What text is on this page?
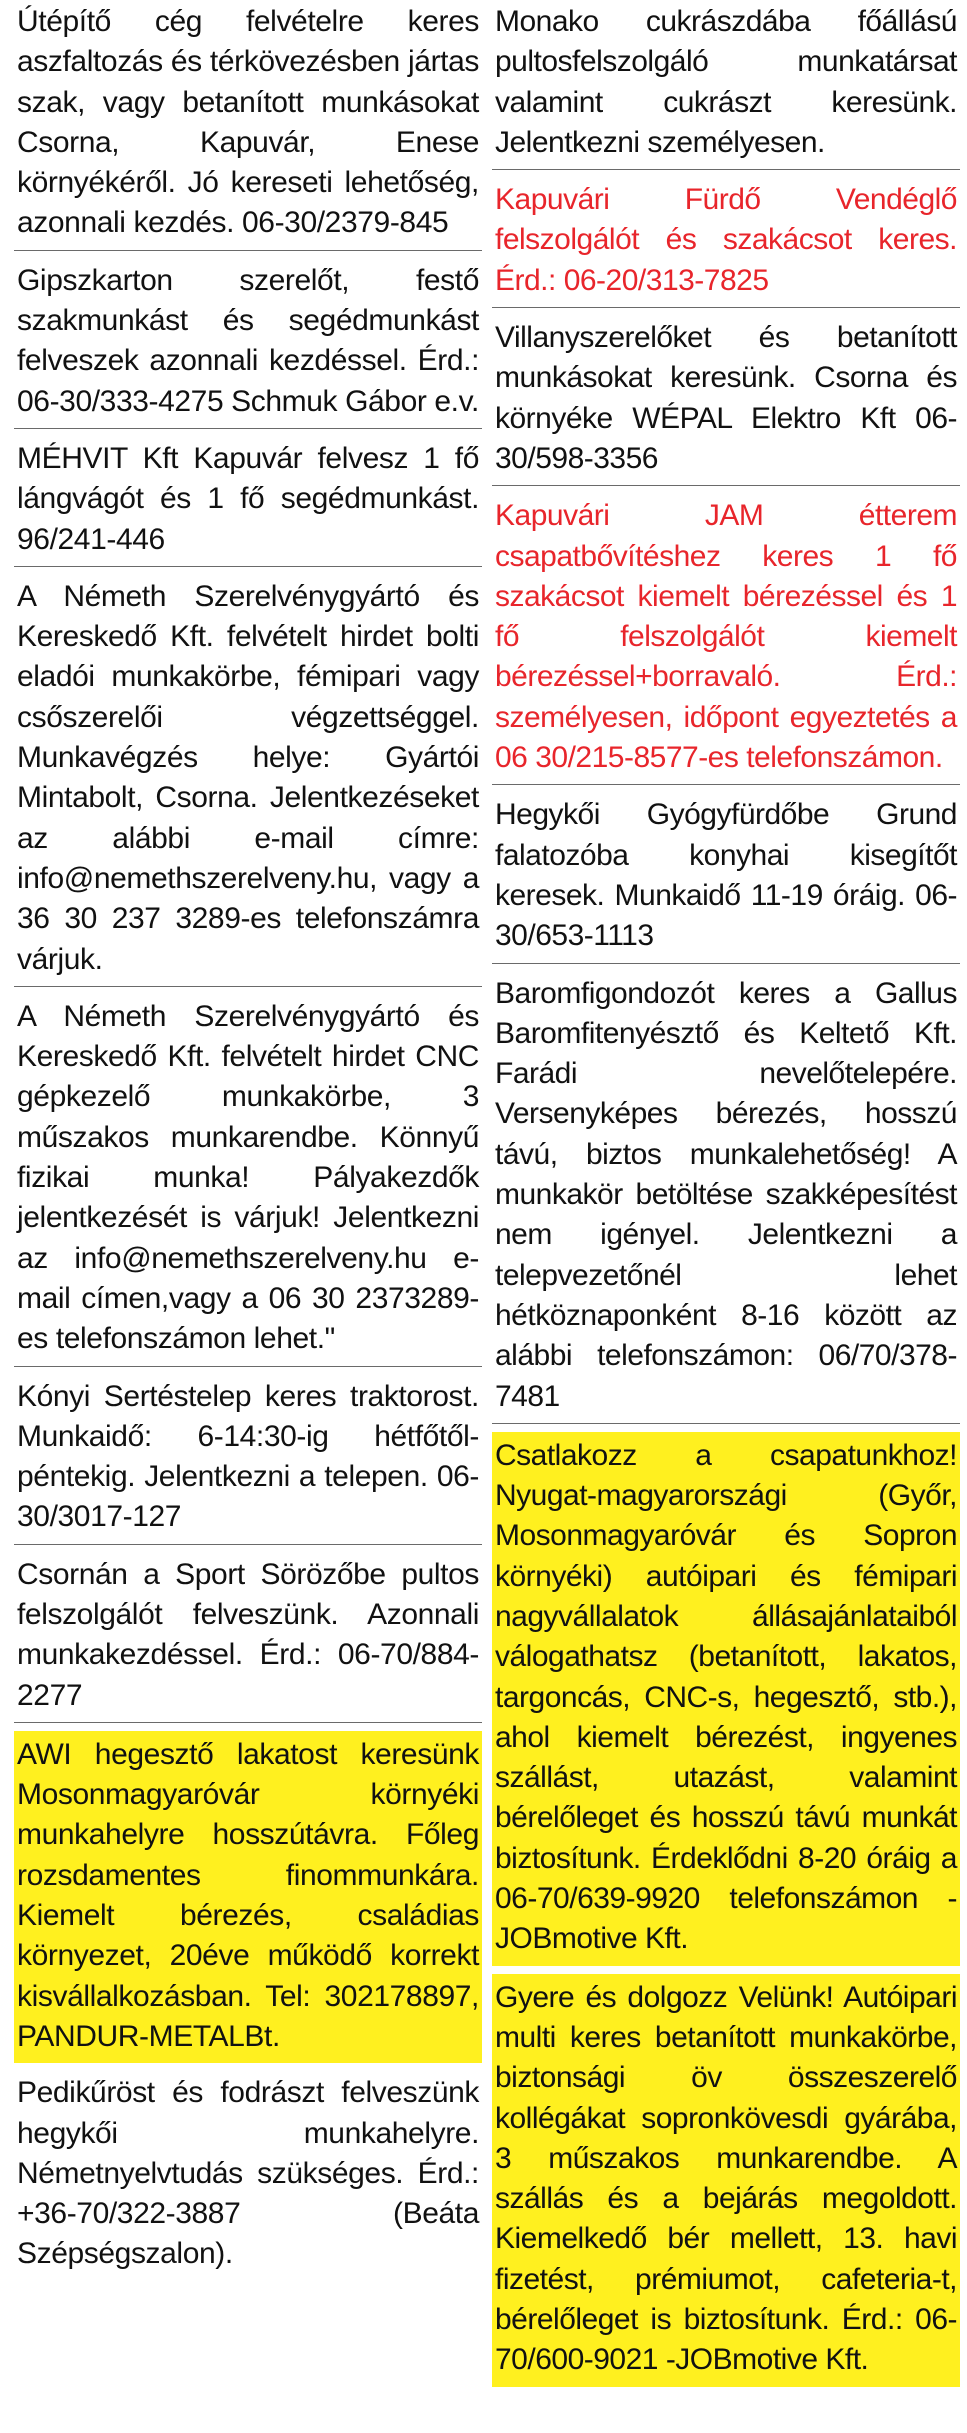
Útépítő cég felvételre keres aszfaltozás és térkövezésben jártas szak, vagy betanított munkásokat Csorna, Kapuvár, Enese környékéről. Jó kereseti lehetőség, azonnali kezdés. 06-30/2379-845
Gipszkarton szerelőt, festő szakmunkást és segédmunkást felveszek azonnali kezdéssel. Érd.: 06-30/333-4275 Schmuk Gábor e.v.
MÉHVIT Kft Kapuvár felvesz 1 fő lángvágót és 1 fő segédmunkást. 96/241-446
A Németh Szerelvénygyártó és Kereskedő Kft. felvételt hirdet bolti eladói munkakörbe, fémipari vagy csőszerelői végzettséggel. Munkavégzés helye: Gyártói Mintabolt, Csorna. Jelentkezéseket az alábbi e-mail címre: info@nemethszerelveny.hu, vagy a 36 30 237 3289-es telefonszámra várjuk.
A Németh Szerelvénygyártó és Kereskedő Kft. felvételt hirdet CNC gépkezelő munkakörbe, 3 műszakos munkarendbe. Könnyű fizikai munka! Pályakezdők jelentkezését is várjuk! Jelentkezni az info@nemethszerelveny.hu e-mail címen,vagy a 06 30 2373289-es telefonszámon lehet."
Kónyi Sertéstelep keres traktorost. Munkaidő: 6-14:30-ig hétfőtől-péntekig. Jelentkezni a telepen. 06-30/3017-127
Csornán a Sport Sörözőbe pultos felszolgálót felveszünk. Azonnali munkakezdéssel. Érd.: 06-70/884-2277
AWI hegesztő lakatost keresünk Mosonmagyaróvár környéki munkahelyre hosszútávra. Főleg rozsdamentes finommunkára. Kiemelt bérezés, családias környezet, 20éve működő korrekt kisvállalkozásban. Tel: 302178897, PANDUR-METALBt.
Pedikűröst és fodrászt felveszünk hegykői munkahelyre. Németnyelvtudás szükséges. Érd.: +36-70/322-3887 (Beáta Szépségszalon).
Monako cukrászdába főállású pultosfelszolgáló munkatársat valamint cukrászt keresünk. Jelentkezni személyesen.
Kapuvári Fürdő Vendéglő felszolgálót és szakácsot keres. Érd.: 06-20/313-7825
Villanyszerelőket és betanított munkásokat keresünk. Csorna és környéke WÉPAL Elektro Kft 06-30/598-3356
Kapuvári JAM étterem csapatbővítéshez keres 1 fő szakácsot kiemelt bérezéssel és 1 fő felszolgálót kiemelt bérezéssel+borravaló. Érd.: személyesen, időpont egyeztetés a 06 30/215-8577-es telefonszámon.
Hegykői Gyógyfürdőbe Grund falatozóba konyhai kisegítőt keresek. Munkaidő 11-19 óráig. 06-30/653-1113
Baromfigondozót keres a Gallus Baromfitenyésztő és Keltető Kft. Farádi nevelőtelepére. Versenyképes bérezés, hosszú távú, biztos munkalehetőség! A munkakör betöltése szakképesítést nem igényel. Jelentkezni a telepvezetőnél lehet hétköznaponként 8-16 között az alábbi telefonszámon: 06/70/378-7481
Csatlakozz a csapatunkhoz! Nyugat-magyarországi (Győr, Mosonmagyaróvár és Sopron környéki) autóipari és fémipari nagyvállalatok állásajánlataiból válogathatsz (betanított, lakatos, targoncás, CNC-s, hegesztő, stb.), ahol kiemelt bérezést, ingyenes szállást, utazást, valamint bérelőleget és hosszú távú munkát biztosítunk. Érdeklődni 8-20 óráig a 06-70/639-9920 telefonszámon -JOBmotive Kft.
Gyere és dolgozz Velünk! Autóipari multi keres betanított munkakörbe, biztonsági öv összeszerelő kollégákat sopronkövesdi gyárába, 3 műszakos munkarendbe. A szállás és a bejárás megoldott. Kiemelkedő bér mellett, 13. havi fizetést, prémiumot, cafeteria-t, bérelőleget is biztosítunk. Érd.: 06-70/600-9021 -JOBmotive Kft.
